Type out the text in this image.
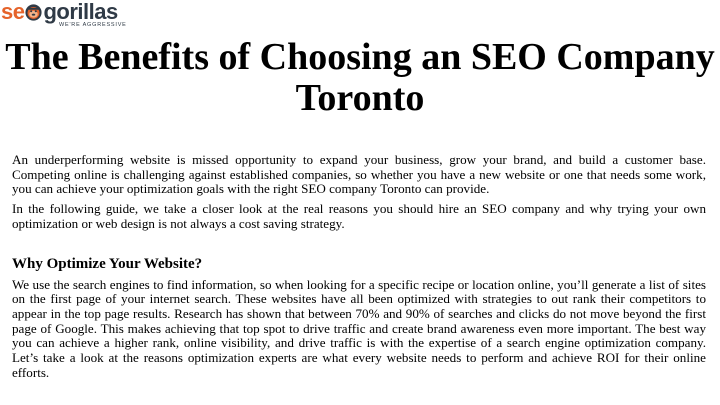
se gorillas
WE'RE AGGRESSIVE
The Benefits of Choosing an SEO Company Toronto

An underperforming website is missed opportunity to expand your business, grow your brand, and build a customer base. Competing online is challenging against established companies, so whether you have a new website or one that needs some work, you can achieve your optimization goals with the right SEO company Toronto can provide.

In the following guide, we take a closer look at the real reasons you should hire an SEO company and why trying your own optimization or web design is not always a cost saving strategy.

Why Optimize Your Website?

We use the search engines to find information, so when looking for a specific recipe or location online, you’ll generate a list of sites on the first page of your internet search. These websites have all been optimized with strategies to out rank their competitors to appear in the top page results. Research has shown that between 70% and 90% of searches and clicks do not move beyond the first page of Google. This makes achieving that top spot to drive traffic and create brand awareness even more important. The best way you can achieve a higher rank, online visibility, and drive traffic is with the expertise of a search engine optimization company. Let’s take a look at the reasons optimization experts are what every website needs to perform and achieve ROI for their online efforts.
